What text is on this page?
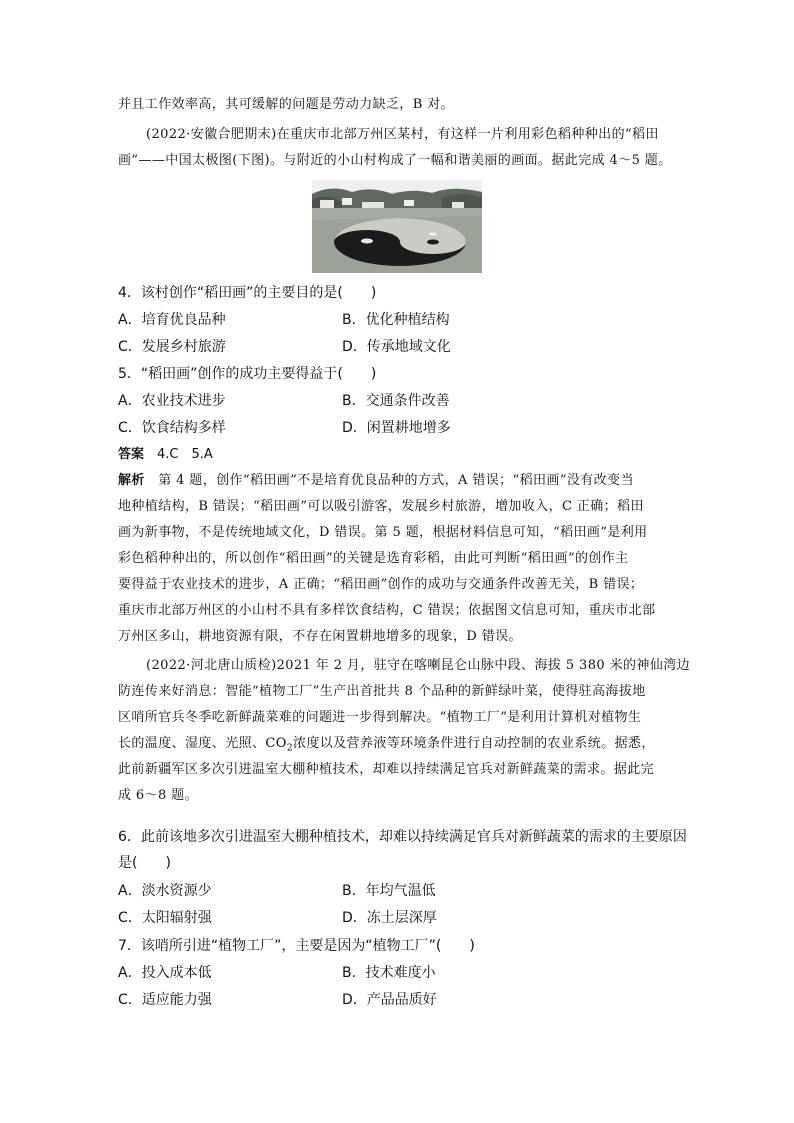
并且工作效率高，其可缓解的问题是劳动力缺乏，B 对。
(2022·安徽合肥期末)在重庆市北部万州区某村，有这样一片利用彩色稻种种出的“稻田
画”——中国太极图(下图)。与附近的小山村构成了一幅和谐美丽的画面。据此完成 4～5 题。
4．该村创作“稻田画”的主要目的是(　　)
A．培育优良品种	B．优化种植结构
C．发展乡村旅游	D．传承地域文化
5．“稻田画”创作的成功主要得益于(　　)
A．农业技术进步	B．交通条件改善
C．饮食结构多样	D．闲置耕地增多
答案　 4.C　5.A
解析　 第 4 题，创作“稻田画”不是培育优良品种的方式，A 错误；“稻田画”没有改变当
地种植结构，B 错误；“稻田画”可以吸引游客，发展乡村旅游，增加收入，C 正确；稻田
画为新事物，不是传统地域文化，D 错误。第 5 题，根据材料信息可知，“稻田画”是利用
彩色稻种种出的，所以创作“稻田画”的关键是选育彩稻，由此可判断“稻田画”的创作主
要得益于农业技术的进步，A 正确；“稻田画”创作的成功与交通条件改善无关，B 错误；
重庆市北部万州区的小山村不具有多样饮食结构，C 错误；依据图文信息可知，重庆市北部
万州区多山，耕地资源有限，不存在闲置耕地增多的现象，D 错误。
(2022·河北唐山质检)2021 年 2 月，驻守在喀喇昆仑山脉中段、海拔 5 380 米的神仙湾边
防连传来好消息：智能“植物工厂”生产出首批共 8 个品种的新鲜绿叶菜，使得驻高海拔地
区哨所官兵冬季吃新鲜蔬菜难的问题进一步得到解决。“植物工厂”是利用计算机对植物生
长的温度、湿度、光照、$CO_2$浓度以及营养液等环境条件进行自动控制的农业系统。据悉，
此前新疆军区多次引进温室大棚种植技术，却难以持续满足官兵对新鲜蔬菜的需求。据此完
成 6～8 题。
6．此前该地多次引进温室大棚种植技术，却难以持续满足官兵对新鲜蔬菜的需求的主要原因
是(　　)
A．淡水资源少	B．年均气温低
C．太阳辐射强	D．冻土层深厚
7．该哨所引进“植物工厂”，主要是因为“植物工厂”(　　)
A．投入成本低	B．技术难度小
C．适应能力强	D．产品品质好
